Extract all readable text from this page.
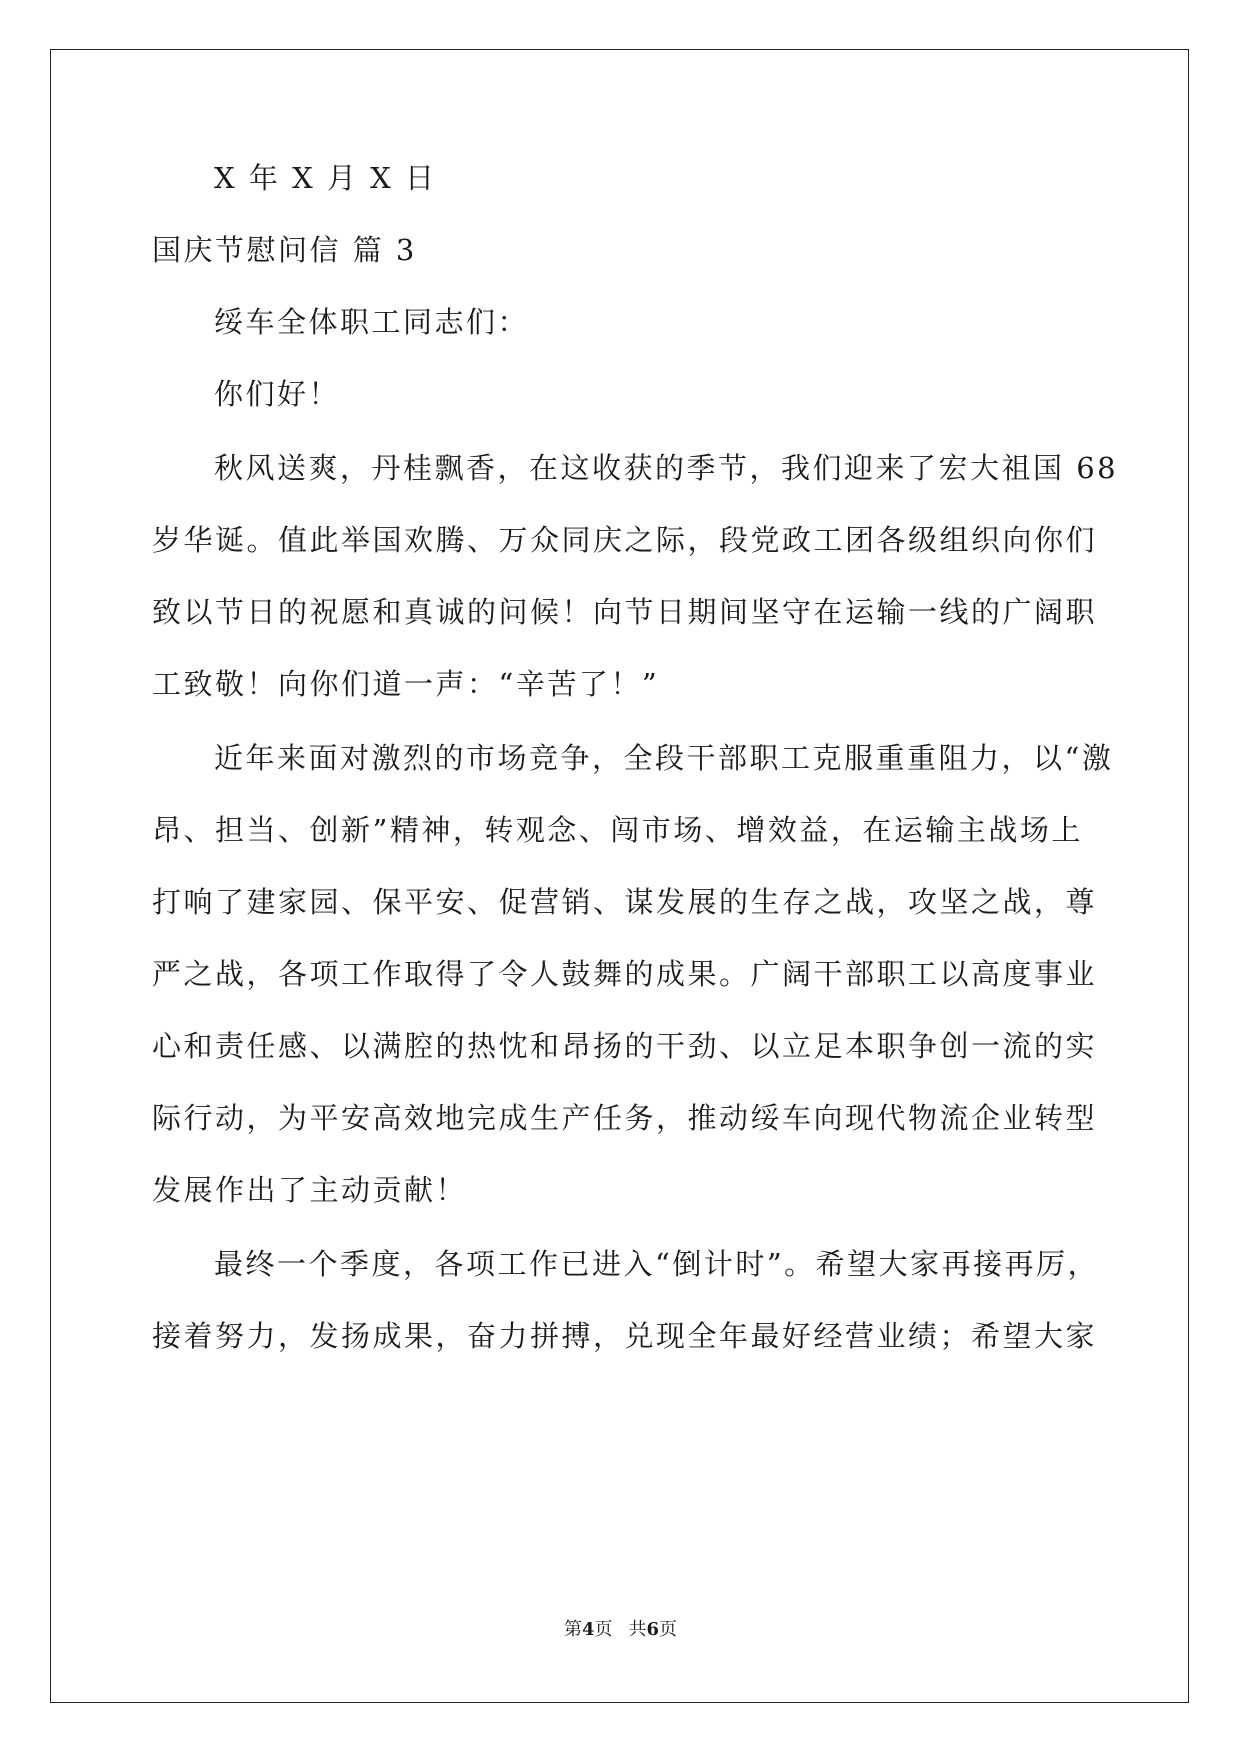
X 年 X 月 X 日

国庆节慰问信 篇 3

绥车全体职工同志们：

你们好！

秋风送爽，丹桂飘香，在这收获的季节，我们迎来了宏大祖国 68

岁华诞。值此举国欢腾、万众同庆之际，段党政工团各级组织向你们

致以节日的祝愿和真诚的问候！向节日期间坚守在运输一线的广阔职

工致敬！向你们道一声：“辛苦了！”

近年来面对激烈的市场竞争，全段干部职工克服重重阻力，以“激

昂、担当、创新”精神，转观念、闯市场、增效益，在运输主战场上

打响了建家园、保平安、促营销、谋发展的生存之战，攻坚之战，尊

严之战，各项工作取得了令人鼓舞的成果。广阔干部职工以高度事业

心和责任感、以满腔的热忱和昂扬的干劲、以立足本职争创一流的实

际行动，为平安高效地完成生产任务，推动绥车向现代物流企业转型

发展作出了主动贡献！

最终一个季度，各项工作已进入“倒计时”。希望大家再接再厉，

接着努力，发扬成果，奋力拼搏，兑现全年最好经营业绩；希望大家

第4页 共6页
